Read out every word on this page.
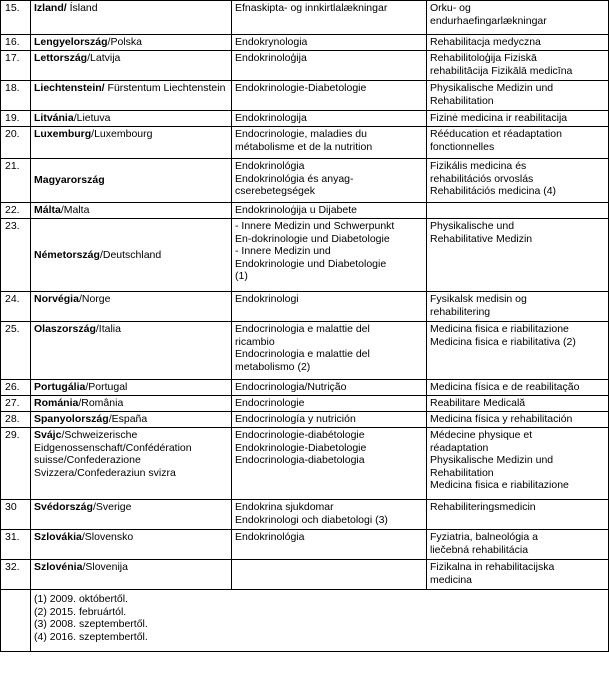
15.	Izland/ Ísland	Efnaskipta- og innkirtlalækningar	Orku- og
endurhaefingarlækningar

16.	Lengyelország/Polska	Endokrynologia	Rehabilitacja medyczna

17.	Lettország/Latvija	Endokrinoloģija	Rehabilitoloģija Fiziskā
rehabilitācija Fizikālā medicīna

18.	Liechtenstein/ Fürstentum Liechtenstein	Endokrinologie-Diabetologie	Physikalische Medizin und
Rehabilitation

19.	Litvánia/Lietuva	Endokrinologija	Fizinė medicina ir reabilitacija

20.	Luxemburg/Luxembourg	Endocrinologie, maladies du
métabolisme et de la nutrition	Rééducation et réadaptation
fonctionnelles

21.	Magyarország	Endokrinológia
Endokrinológia és anyag-
cserebetegségek	Fizikális medicina és
rehabilitációs orvoslás
Rehabilitációs medicina (4)

22.	Málta/Malta	Endokrinoloġija u Dijabete	

23.	Németország/Deutschland	- Innere Medizin und Schwerpunkt
En-dokrinologie und Diabetologie
- Innere Medizin und
Endokrinologie und Diabetologie
(1)	Physikalische und
Rehabilitative Medizin

24.	Norvégia/Norge	Endokrinologi	Fysikalsk medisin og
rehabilitering

25.	Olaszország/Italia	Endocrinologia e malattie del
ricambio
Endocrinologia e malattie del
metabolismo (2)	Medicina fisica e riabilitazione
Medicina fisica e riabilitativa (2)

26.	Portugália/Portugal	Endocrinologia/Nutrição	Medicina física e de reabilitação

27.	Románia/România	Endocrinologie	Reabilitare Medicală

28.	Spanyolország/España	Endocrinología y nutrición	Medicina física y rehabilitación

29.	Svájc/Schweizerische Eidgenossenschaft/Confédération suisse/Confederazione Svizzera/Confederaziun svizra	Endocrinologie-diabétologie
Endokrinologie-Diabetologie
Endocrinologia-diabetologia	Médecine physique et
réadaptation
Physikalische Medizin und
Rehabilitation
Medicina fisica e riabilitazione

30	Svédország/Sverige	Endokrina sjukdomar
Endokrinologi och diabetologi (3)	Rehabiliteringsmedicin

31.	Szlovákia/Slovensko	Endokrinológia	Fyziatria, balneológia a
liečebná rehabilitácia

32.	Szlovénia/Slovenija		Fizikalna in rehabilitacijska
medicina

	(1) 2009. októbertől.
(2) 2015. februártól.
(3) 2008. szeptembertől.
(4) 2016. szeptembertől.		
